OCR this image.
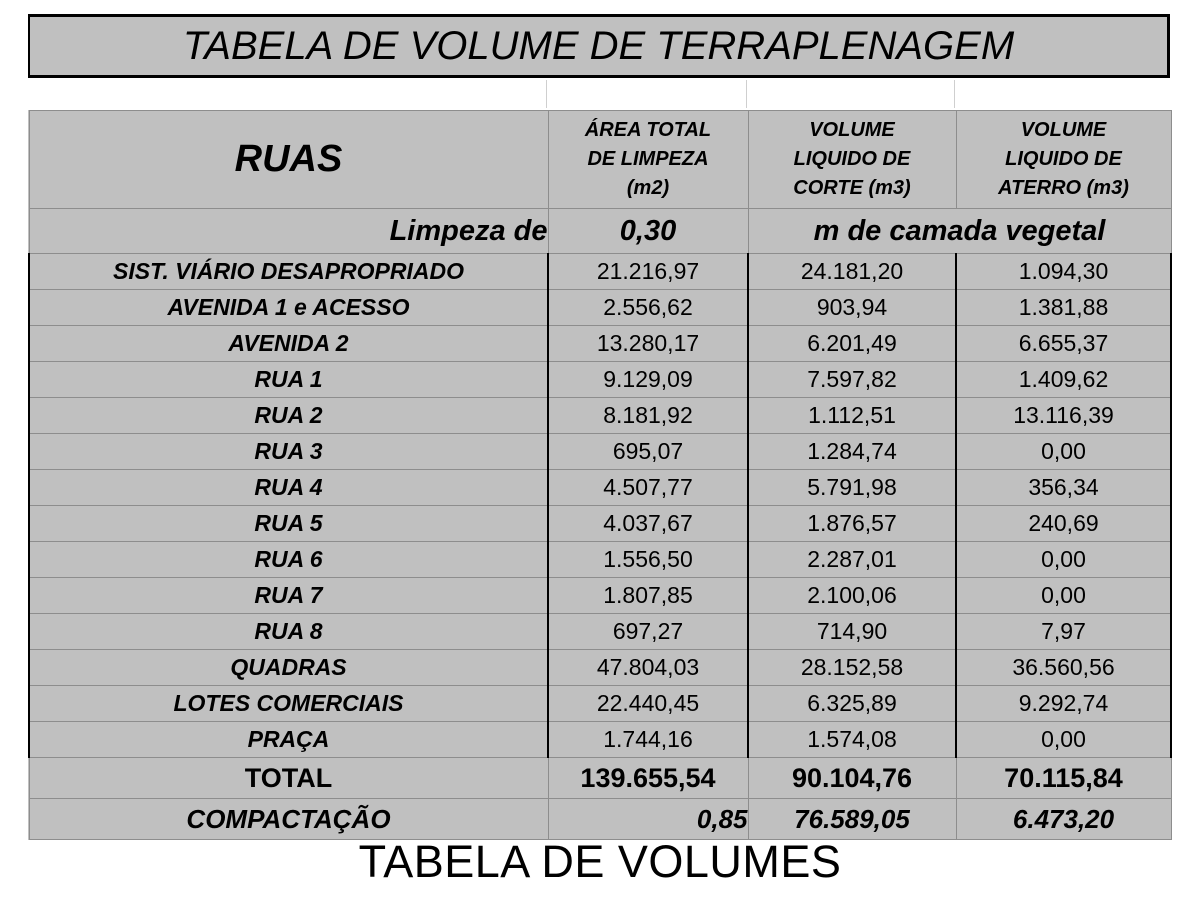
TABELA DE VOLUME DE TERRAPLENAGEM
RUAS	
ÁREA TOTAL
DE LIMPEZA
(m2)

VOLUME
LIQUIDO DE
CORTE (m3)

VOLUME
LIQUIDO DE
ATERRO (m3)

Limpeza de	0,30	m de camada vegetal	
SIST. VIÁRIO DESAPROPRIADO	21.216,97	24.181,20	1.094,30
AVENIDA 1 e ACESSO	2.556,62	903,94	1.381,88
AVENIDA 2	13.280,17	6.201,49	6.655,37
RUA 1	9.129,09	7.597,82	1.409,62
RUA 2	8.181,92	1.112,51	13.116,39
RUA 3	695,07	1.284,74	0,00
RUA 4	4.507,77	5.791,98	356,34
RUA 5	4.037,67	1.876,57	240,69
RUA 6	1.556,50	2.287,01	0,00
RUA 7	1.807,85	2.100,06	0,00
RUA 8	697,27	714,90	7,97
QUADRAS	47.804,03	28.152,58	36.560,56
LOTES COMERCIAIS	22.440,45	6.325,89	9.292,74
PRAÇA	1.744,16	1.574,08	0,00
TOTAL	139.655,54	90.104,76	70.115,84
COMPACTAÇÃO	0,85	76.589,05	6.473,20
TABELA DE VOLUMES
